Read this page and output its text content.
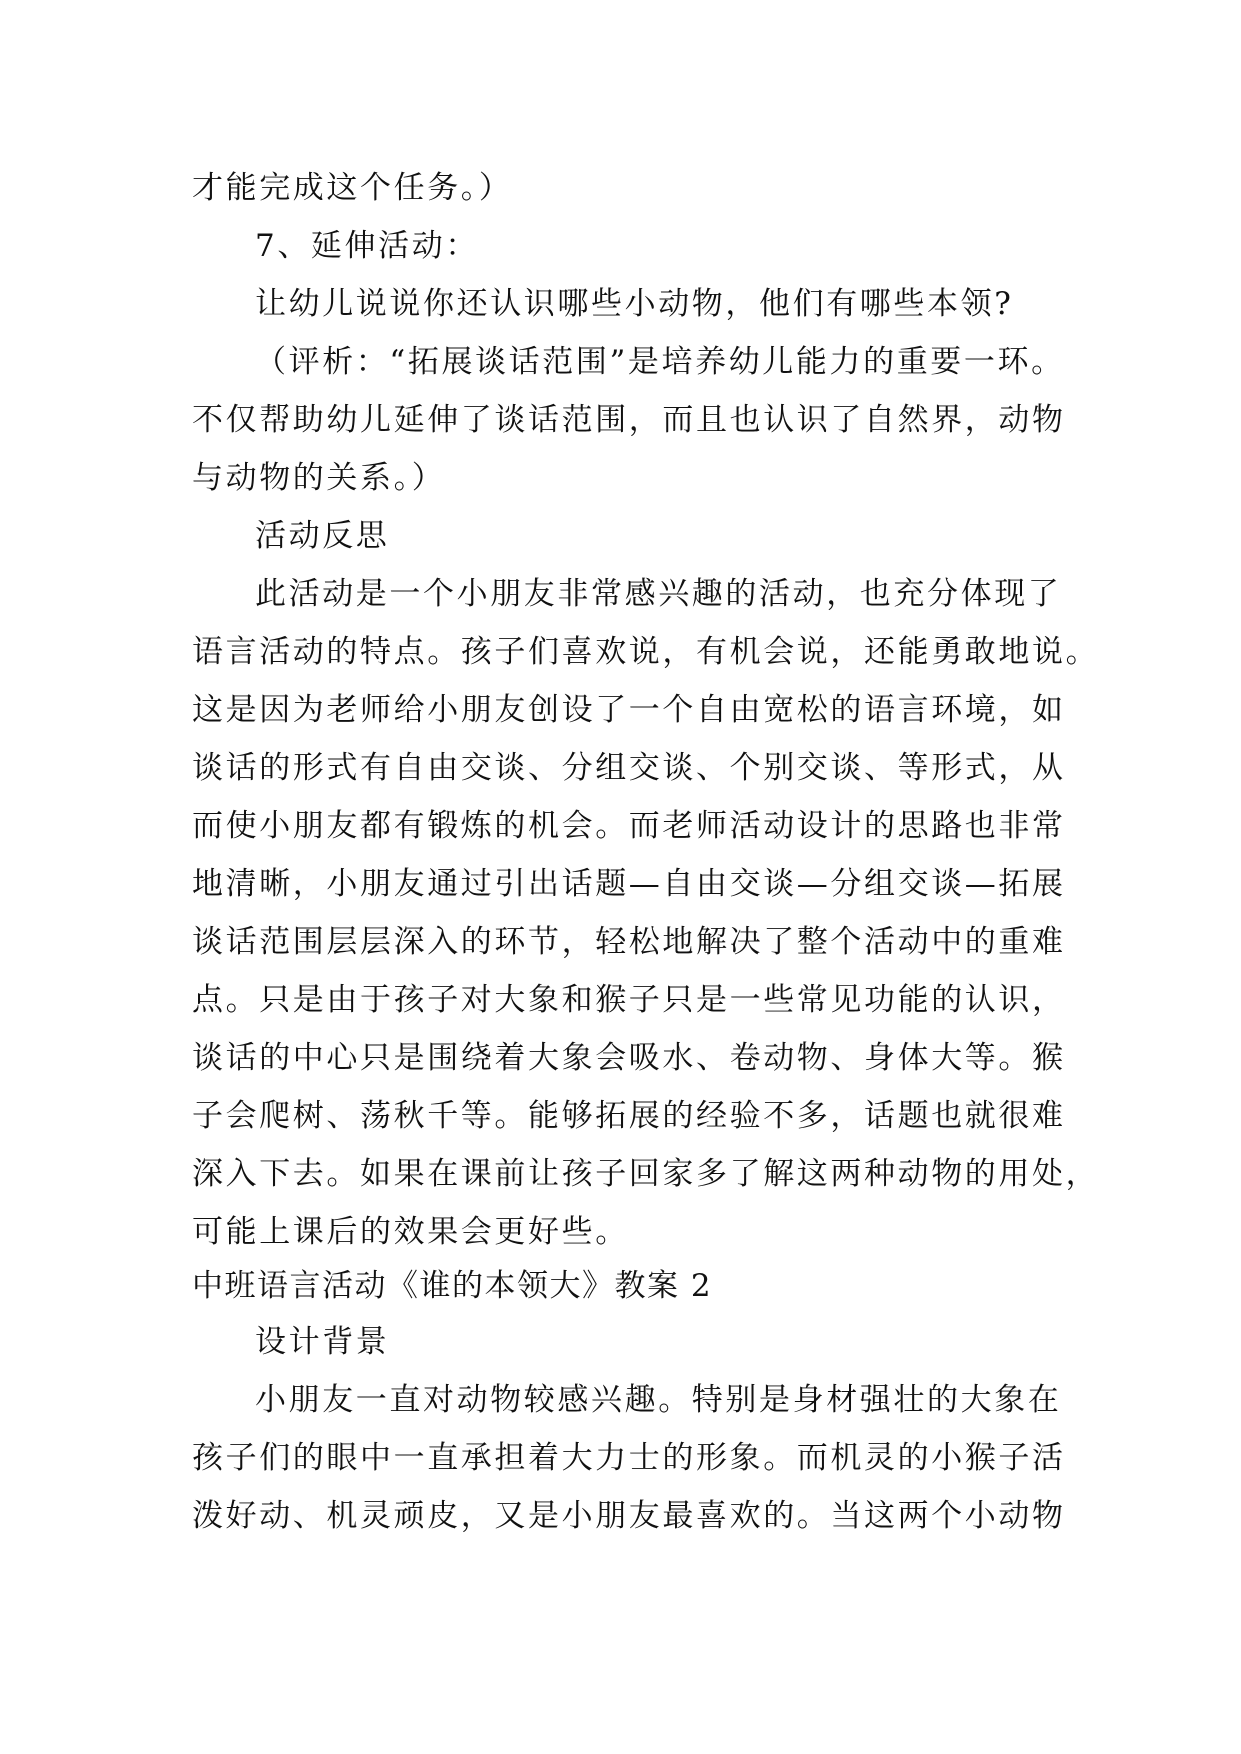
才能完成这个任务。）
7、延伸活动：
让幼儿说说你还认识哪些小动物，他们有哪些本领?
（评析：“拓展谈话范围”是培养幼儿能力的重要一环。
不仅帮助幼儿延伸了谈话范围，而且也认识了自然界，动物
与动物的关系。）
活动反思
此活动是一个小朋友非常感兴趣的活动，也充分体现了
语言活动的特点。孩子们喜欢说，有机会说，还能勇敢地说。
这是因为老师给小朋友创设了一个自由宽松的语言环境，如
谈话的形式有自由交谈、分组交谈、个别交谈、等形式，从
而使小朋友都有锻炼的机会。而老师活动设计的思路也非常
地清晰，小朋友通过引出话题—自由交谈—分组交谈—拓展
谈话范围层层深入的环节，轻松地解决了整个活动中的重难
点。只是由于孩子对大象和猴子只是一些常见功能的认识，
谈话的中心只是围绕着大象会吸水、卷动物、身体大等。猴
子会爬树、荡秋千等。能够拓展的经验不多，话题也就很难
深入下去。如果在课前让孩子回家多了解这两种动物的用处，
可能上课后的效果会更好些。
中班语言活动《谁的本领大》教案 2
设计背景
小朋友一直对动物较感兴趣。特别是身材强壮的大象在
孩子们的眼中一直承担着大力士的形象。而机灵的小猴子活
泼好动、机灵顽皮，又是小朋友最喜欢的。当这两个小动物
